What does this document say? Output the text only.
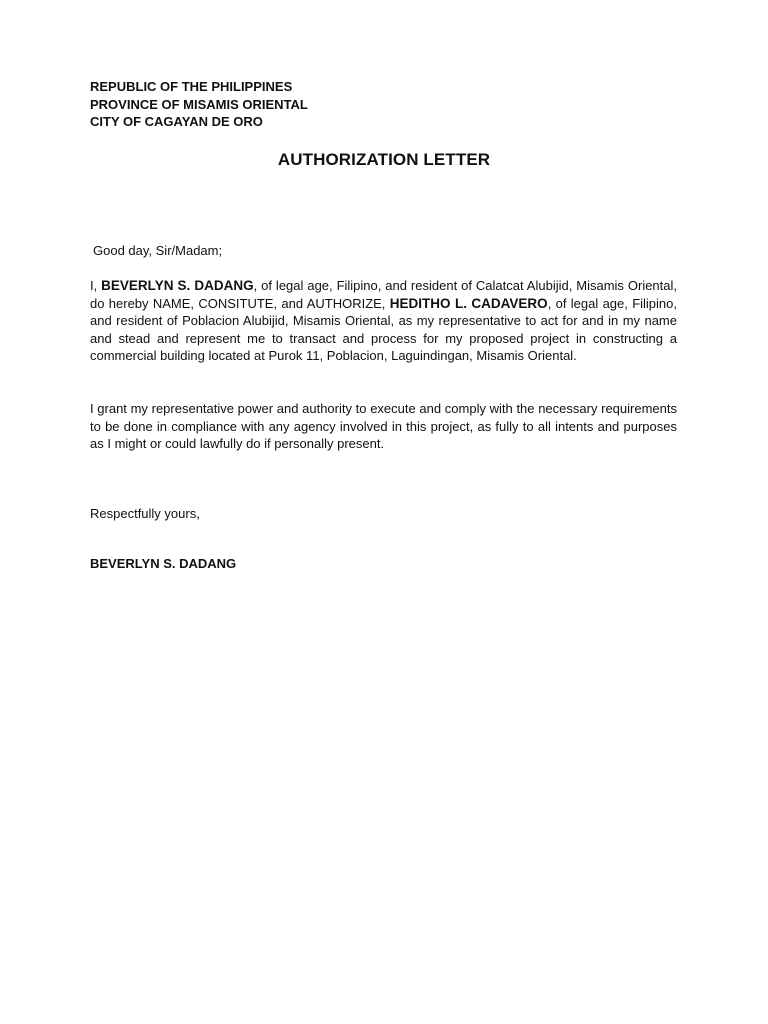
REPUBLIC OF THE PHILIPPINES
PROVINCE OF MISAMIS ORIENTAL
CITY OF CAGAYAN DE ORO
AUTHORIZATION LETTER
Good day, Sir/Madam;
I, BEVERLYN S. DADANG, of legal age, Filipino, and resident of Calatcat Alubijid, Misamis Oriental, do hereby NAME, CONSITUTE, and AUTHORIZE, HEDITHO L. CADAVERO, of legal age, Filipino, and resident of Poblacion Alubijid, Misamis Oriental, as my representative to act for and in my name and stead and represent me to transact and process for my proposed project in constructing a commercial building located at Purok 11, Poblacion, Laguindingan, Misamis Oriental.
I grant my representative power and authority to execute and comply with the necessary requirements to be done in compliance with any agency involved in this project, as fully to all intents and purposes as I might or could lawfully do if personally present.
Respectfully yours,
BEVERLYN S. DADANG
